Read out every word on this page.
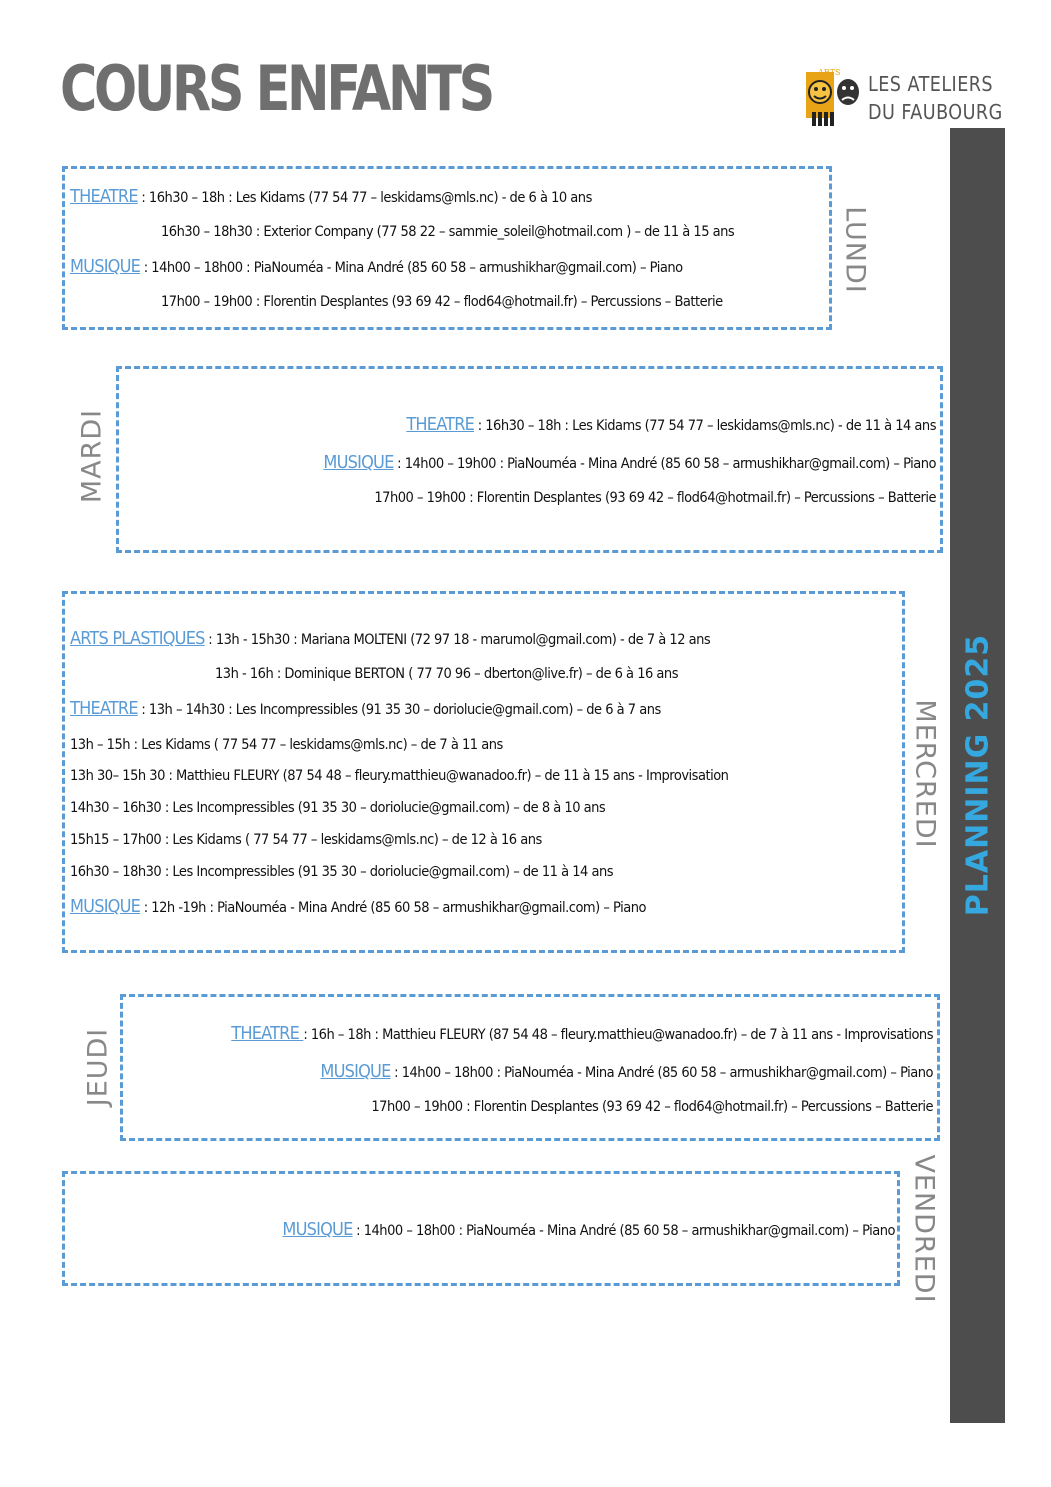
COURS ENFANTS	ARTS LES ATELIERS
DU FAUBOURG
PLANNING 2025
LUNDI
THEATRE : 16h30 – 18h : Les Kidams (77 54 77 – leskidams@mls.nc) - de 6 à 10 ans
16h30 – 18h30 : Exterior Company (77 58 22 – sammie_soleil@hotmail.com ) – de 11 à 15 ans
MUSIQUE : 14h00 – 18h00 : PiaNouméa - Mina André (85 60 58 – armushikhar@gmail.com) – Piano
17h00 – 19h00 : Florentin Desplantes (93 69 42 – flod64@hotmail.fr) – Percussions – Batterie
MARDI	THEATRE : 16h30 – 18h : Les Kidams (77 54 77 – leskidams@mls.nc) - de 11 à 14 ans
MUSIQUE : 14h00 – 19h00 : PiaNouméa - Mina André (85 60 58 – armushikhar@gmail.com) – Piano
17h00 – 19h00 : Florentin Desplantes (93 69 42 – flod64@hotmail.fr) – Percussions – Batterie
MERCREDI
ARTS PLASTIQUES : 13h - 15h30 : Mariana MOLTENI (72 97 18 - marumol@gmail.com) - de 7 à 12 ans
13h - 16h : Dominique BERTON ( 77 70 96 – dberton@live.fr) – de 6 à 16 ans
THEATRE : 13h – 14h30 : Les Incompressibles (91 35 30 – doriolucie@gmail.com) – de 6 à 7 ans
13h – 15h : Les Kidams ( 77 54 77 – leskidams@mls.nc) – de 7 à 11 ans
13h 30– 15h 30 : Matthieu FLEURY (87 54 48 – fleury.matthieu@wanadoo.fr) – de 11 à 15 ans - Improvisation
14h30 – 16h30 : Les Incompressibles (91 35 30 – doriolucie@gmail.com) – de 8 à 10 ans
15h15 – 17h00 : Les Kidams ( 77 54 77 – leskidams@mls.nc) – de 12 à 16 ans
16h30 – 18h30 : Les Incompressibles (91 35 30 – doriolucie@gmail.com) – de 11 à 14 ans
MUSIQUE : 12h -19h : PiaNouméa - Mina André (85 60 58 – armushikhar@gmail.com) – Piano
JEUDI	THEATRE : 16h – 18h : Matthieu FLEURY (87 54 48 – fleury.matthieu@wanadoo.fr) – de 7 à 11 ans - Improvisations
MUSIQUE : 14h00 – 18h00 : PiaNouméa - Mina André (85 60 58 – armushikhar@gmail.com) – Piano
17h00 – 19h00 : Florentin Desplantes (93 69 42 – flod64@hotmail.fr) – Percussions – Batterie
VENDREDI
MUSIQUE : 14h00 – 18h00 : PiaNouméa - Mina André (85 60 58 – armushikhar@gmail.com) – Piano
